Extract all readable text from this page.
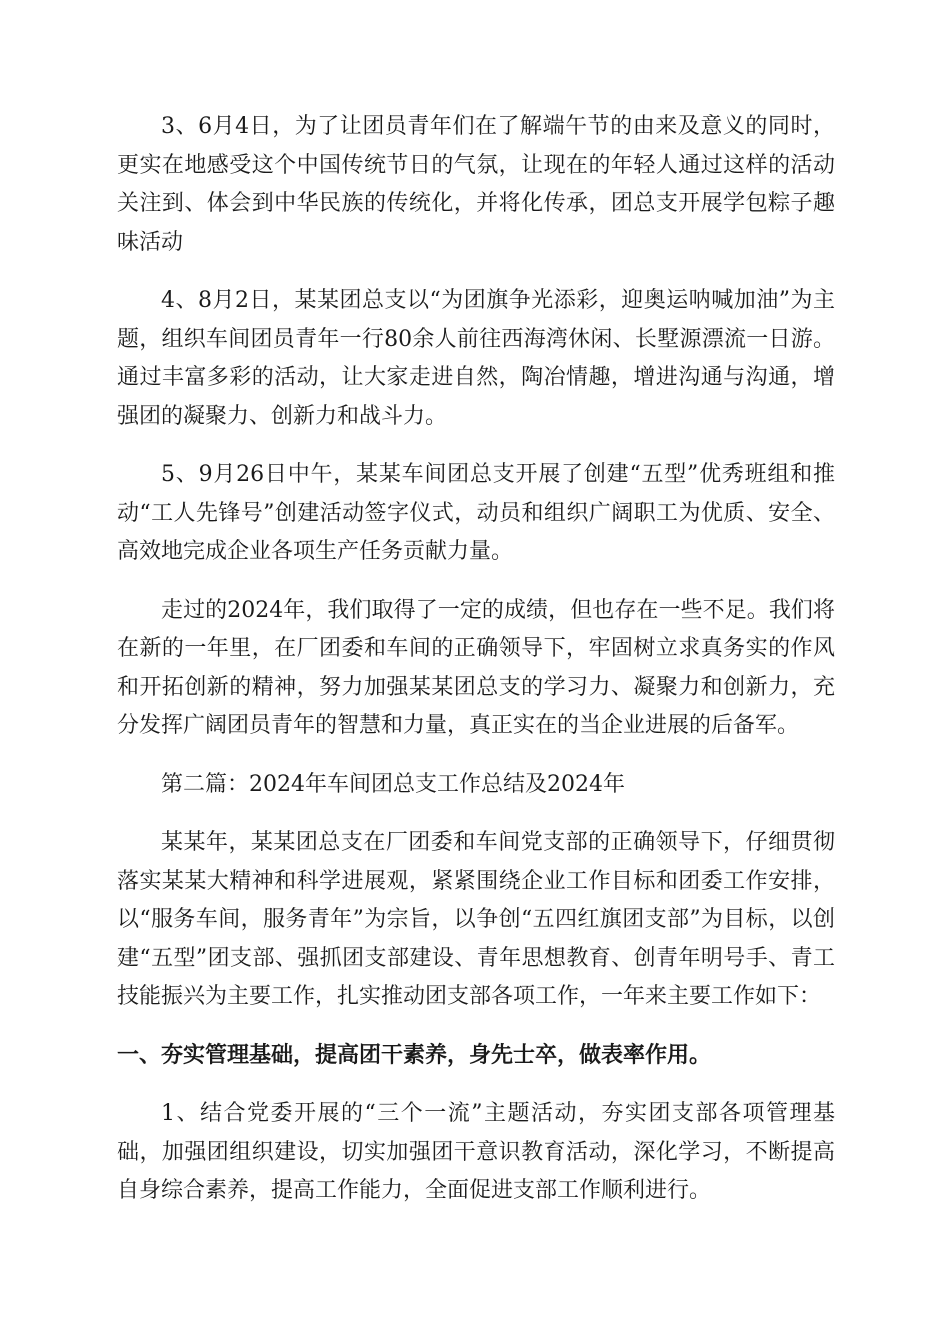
3、6月4日，为了让团员青年们在了解端午节的由来及意义的同时，更实在地感受这个中国传统节日的气氛，让现在的年轻人通过这样的活动关注到、体会到中华民族的传统化，并将化传承，团总支开展学包粽子趣味活动

4、8月2日，某某团总支以“为团旗争光添彩，迎奥运呐喊加油”为主题，组织车间团员青年一行80余人前往西海湾休闲、长墅源漂流一日游。通过丰富多彩的活动，让大家走进自然，陶冶情趣，增进沟通与沟通，增强团的凝聚力、创新力和战斗力。

5、9月26日中午，某某车间团总支开展了创建“五型”优秀班组和推动“工人先锋号”创建活动签字仪式，动员和组织广阔职工为优质、安全、高效地完成企业各项生产任务贡献力量。

走过的2024年，我们取得了一定的成绩，但也存在一些不足。我们将在新的一年里，在厂团委和车间的正确领导下，牢固树立求真务实的作风和开拓创新的精神，努力加强某某团总支的学习力、凝聚力和创新力，充分发挥广阔团员青年的智慧和力量，真正实在的当企业进展的后备军。

第二篇：2024年车间团总支工作总结及2024年

某某年，某某团总支在厂团委和车间党支部的正确领导下，仔细贯彻落实某某大精神和科学进展观，紧紧围绕企业工作目标和团委工作安排，以“服务车间，服务青年”为宗旨，以争创“五四红旗团支部”为目标，以创建“五型”团支部、强抓团支部建设、青年思想教育、创青年明号手、青工技能振兴为主要工作，扎实推动团支部各项工作，一年来主要工作如下：

一、夯实管理基础，提高团干素养，身先士卒，做表率作用。

1、结合党委开展的“三个一流”主题活动，夯实团支部各项管理基础，加强团组织建设，切实加强团干意识教育活动，深化学习，不断提高自身综合素养，提高工作能力，全面促进支部工作顺利进行。
